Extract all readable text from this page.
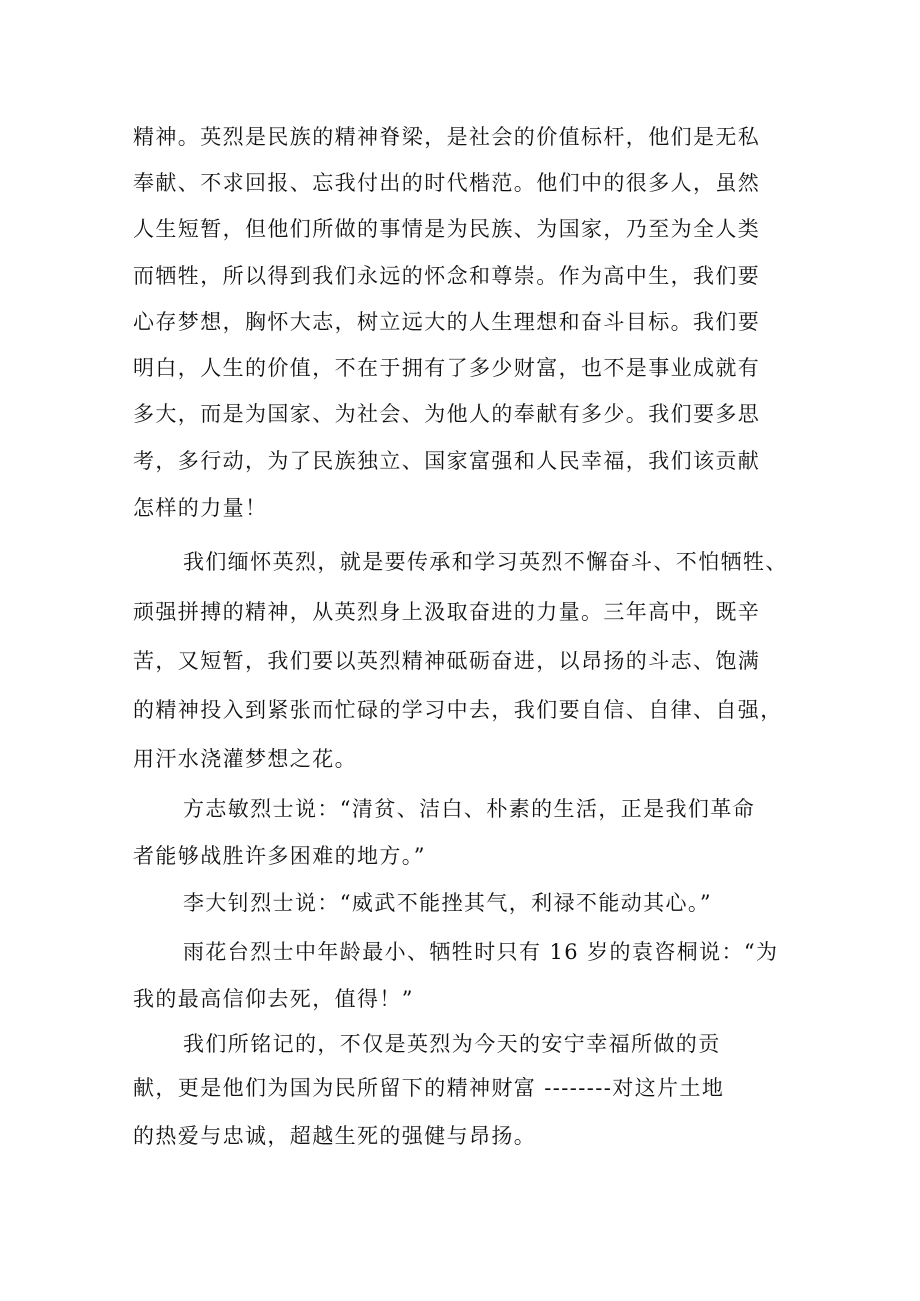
精神。英烈是民族的精神脊梁，是社会的价值标杆，他们是无私
奉献、不求回报、忘我付出的时代楷范。他们中的很多人，虽然
人生短暂，但他们所做的事情是为民族、为国家，乃至为全人类
而牺牲，所以得到我们永远的怀念和尊崇。作为高中生，我们要
心存梦想，胸怀大志，树立远大的人生理想和奋斗目标。我们要
明白，人生的价值，不在于拥有了多少财富，也不是事业成就有
多大，而是为国家、为社会、为他人的奉献有多少。我们要多思
考，多行动，为了民族独立、国家富强和人民幸福，我们该贡献
怎样的力量！
我们缅怀英烈，就是要传承和学习英烈不懈奋斗、不怕牺牲、
顽强拼搏的精神，从英烈身上汲取奋进的力量。三年高中，既辛
苦，又短暂，我们要以英烈精神砥砺奋进，以昂扬的斗志、饱满
的精神投入到紧张而忙碌的学习中去，我们要自信、自律、自强，
用汗水浇灌梦想之花。
方志敏烈士说：“清贫、洁白、朴素的生活，正是我们革命
者能够战胜许多困难的地方。”
李大钊烈士说：“威武不能挫其气，利禄不能动其心。”
雨花台烈士中年龄最小、牺牲时只有 16 岁的袁咨桐说：“为
我的最高信仰去死，值得！”
我们所铭记的，不仅是英烈为今天的安宁幸福所做的贡
献，更是他们为国为民所留下的精神财富 --------对这片土地
的热爱与忠诚，超越生死的强健与昂扬。
